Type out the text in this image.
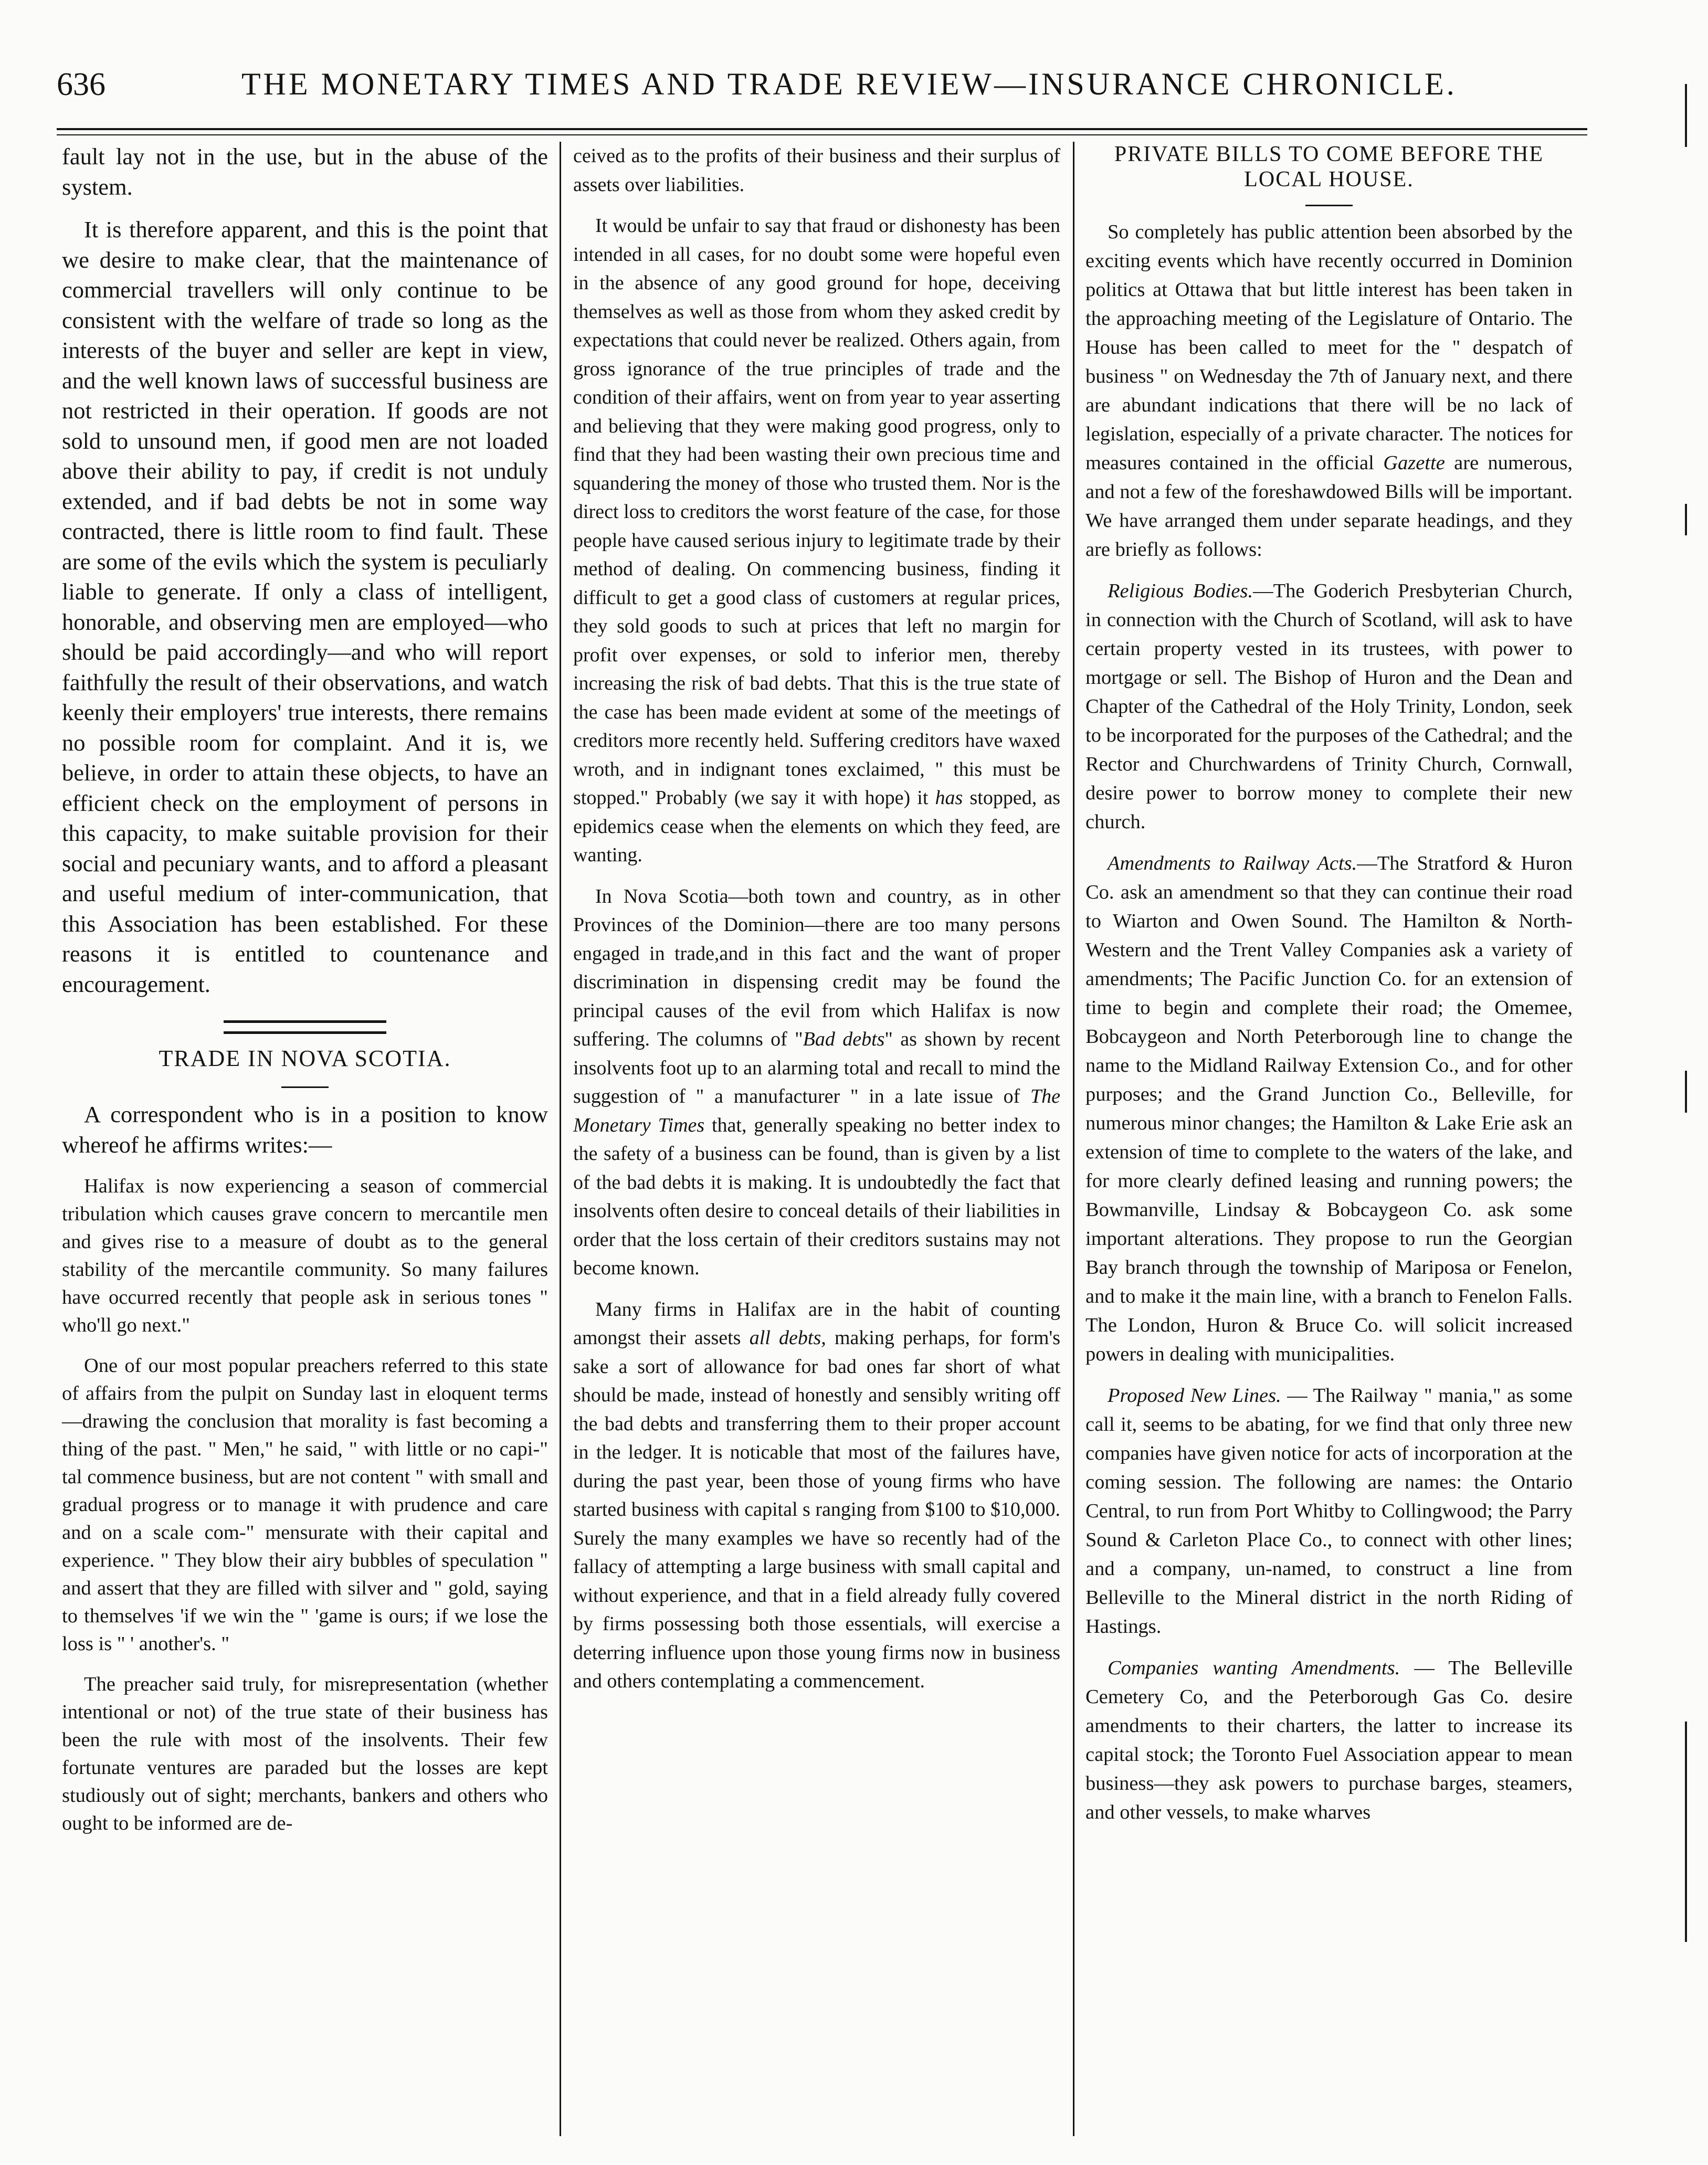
636	THE MONETARY TIMES AND TRADE REVIEW—INSURANCE CHRONICLE.

fault lay not in the use, but in the abuse of the system.

It is therefore apparent, and this is the point that we desire to make clear, that the maintenance of commercial travellers will only continue to be consistent with the welfare of trade so long as the interests of the buyer and seller are kept in view, and the well known laws of successful business are not restricted in their operation. If goods are not sold to unsound men, if good men are not loaded above their ability to pay, if credit is not unduly extended, and if bad debts be not in some way contracted, there is little room to find fault. These are some of the evils which the system is peculiarly liable to generate. If only a class of intelligent, honorable, and observing men are employed—who should be paid accordingly—and who will report faithfully the result of their observations, and watch keenly their employers' true interests, there remains no possible room for complaint. And it is, we believe, in order to attain these objects, to have an efficient check on the employment of persons in this capacity, to make suitable provision for their social and pecuniary wants, and to afford a pleasant and useful medium of inter-communication, that this Association has been established. For these reasons it is entitled to countenance and encouragement.

TRADE IN NOVA SCOTIA.

A correspondent who is in a position to know whereof he affirms writes:—

Halifax is now experiencing a season of commercial tribulation which causes grave concern to mercantile men and gives rise to a measure of doubt as to the general stability of the mercantile community. So many failures have occurred recently that people ask in serious tones " who'll go next."

One of our most popular preachers referred to this state of affairs from the pulpit on Sunday last in eloquent terms—drawing the conclusion that morality is fast becoming a thing of the past. " Men," he said, " with little or no capi-" tal commence business, but are not content " with small and gradual progress or to manage it with prudence and care and on a scale com-" mensurate with their capital and experience. " They blow their airy bubbles of speculation " and assert that they are filled with silver and " gold, saying to themselves 'if we win the " 'game is ours; if we lose the loss is " ' another's. "

The preacher said truly, for misrepresentation (whether intentional or not) of the true state of their business has been the rule with most of the insolvents. Their few fortunate ventures are paraded but the losses are kept studiously out of sight; merchants, bankers and others who ought to be informed are de-

ceived as to the profits of their business and their surplus of assets over liabilities.

It would be unfair to say that fraud or dishonesty has been intended in all cases, for no doubt some were hopeful even in the absence of any good ground for hope, deceiving themselves as well as those from whom they asked credit by expectations that could never be realized. Others again, from gross ignorance of the true principles of trade and the condition of their affairs, went on from year to year asserting and believing that they were making good progress, only to find that they had been wasting their own precious time and squandering the money of those who trusted them. Nor is the direct loss to creditors the worst feature of the case, for those people have caused serious injury to legitimate trade by their method of dealing. On commencing business, finding it difficult to get a good class of customers at regular prices, they sold goods to such at prices that left no margin for profit over expenses, or sold to inferior men, thereby increasing the risk of bad debts. That this is the true state of the case has been made evident at some of the meetings of creditors more recently held. Suffering creditors have waxed wroth, and in indignant tones exclaimed, " this must be stopped." Probably (we say it with hope) it has stopped, as epidemics cease when the elements on which they feed, are wanting.

In Nova Scotia—both town and country, as in other Provinces of the Dominion—there are too many persons engaged in trade,and in this fact and the want of proper discrimination in dispensing credit may be found the principal causes of the evil from which Halifax is now suffering. The columns of "Bad debts" as shown by recent insolvents foot up to an alarming total and recall to mind the suggestion of " a manufacturer " in a late issue of The Monetary Times that, generally speaking no better index to the safety of a business can be found, than is given by a list of the bad debts it is making. It is undoubtedly the fact that insolvents often desire to conceal details of their liabilities in order that the loss certain of their creditors sustains may not become known.

Many firms in Halifax are in the habit of counting amongst their assets all debts, making perhaps, for form's sake a sort of allowance for bad ones far short of what should be made, instead of honestly and sensibly writing off the bad debts and transferring them to their proper account in the ledger. It is noticable that most of the failures have, during the past year, been those of young firms who have started business with capital s ranging from $100 to $10,000. Surely the many examples we have so recently had of the fallacy of attempting a large business with small capital and without experience, and that in a field already fully covered by firms possessing both those essentials, will exercise a deterring influence upon those young firms now in business and others contemplating a commencement.

PRIVATE BILLS TO COME BEFORE THE LOCAL HOUSE.

So completely has public attention been absorbed by the exciting events which have recently occurred in Dominion politics at Ottawa that but little interest has been taken in the approaching meeting of the Legislature of Ontario. The House has been called to meet for the " despatch of business " on Wednesday the 7th of January next, and there are abundant indications that there will be no lack of legislation, especially of a private character. The notices for measures contained in the official Gazette are numerous, and not a few of the foreshawdowed Bills will be important. We have arranged them under separate headings, and they are briefly as follows:

Religious Bodies.—The Goderich Presbyterian Church, in connection with the Church of Scotland, will ask to have certain property vested in its trustees, with power to mortgage or sell. The Bishop of Huron and the Dean and Chapter of the Cathedral of the Holy Trinity, London, seek to be incorporated for the purposes of the Cathedral; and the Rector and Churchwardens of Trinity Church, Cornwall, desire power to borrow money to complete their new church.

Amendments to Railway Acts.—The Stratford & Huron Co. ask an amendment so that they can continue their road to Wiarton and Owen Sound. The Hamilton & North-Western and the Trent Valley Companies ask a variety of amendments; The Pacific Junction Co. for an extension of time to begin and complete their road; the Omemee, Bobcaygeon and North Peterborough line to change the name to the Midland Railway Extension Co., and for other purposes; and the Grand Junction Co., Belleville, for numerous minor changes; the Hamilton & Lake Erie ask an extension of time to complete to the waters of the lake, and for more clearly defined leasing and running powers; the Bowmanville, Lindsay & Bobcaygeon Co. ask some important alterations. They propose to run the Georgian Bay branch through the township of Mariposa or Fenelon, and to make it the main line, with a branch to Fenelon Falls. The London, Huron & Bruce Co. will solicit increased powers in dealing with municipalities.

Proposed New Lines. — The Railway " mania," as some call it, seems to be abating, for we find that only three new companies have given notice for acts of incorporation at the coming session. The following are names: the Ontario Central, to run from Port Whitby to Collingwood; the Parry Sound & Carleton Place Co., to connect with other lines; and a company, un-named, to construct a line from Belleville to the Mineral district in the north Riding of Hastings.

Companies wanting Amendments. — The Belleville Cemetery Co, and the Peterborough Gas Co. desire amendments to their charters, the latter to increase its capital stock; the Toronto Fuel Association appear to mean business—they ask powers to purchase barges, steamers, and other vessels, to make wharves
